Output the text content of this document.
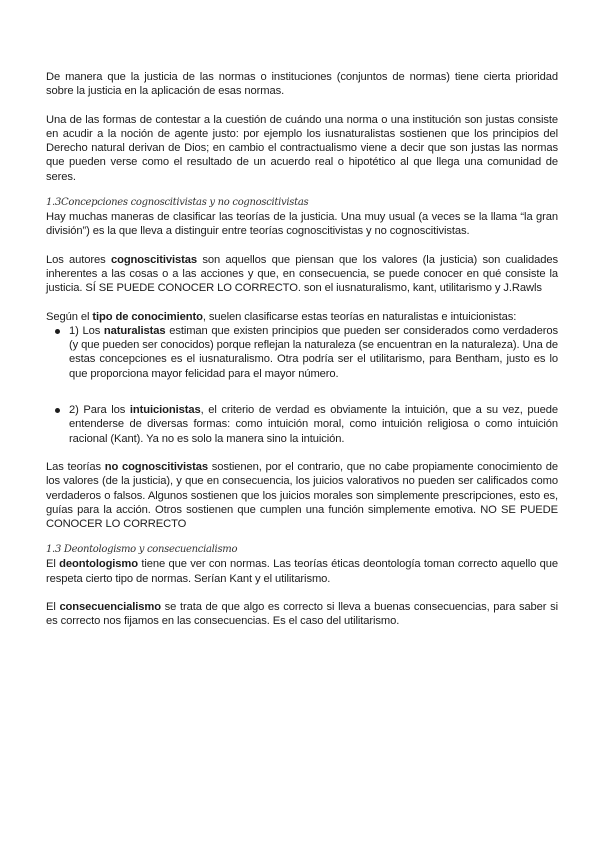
De manera que la justicia de las normas o instituciones (conjuntos de normas) tiene cierta prioridad sobre la justicia en la aplicación de esas normas.

Una de las formas de contestar a la cuestión de cuándo una norma o una institución son justas consiste en acudir a la noción de agente justo: por ejemplo los iusnaturalistas sostienen que los principios del Derecho natural derivan de Dios; en cambio el contractualismo viene a decir que son justas las normas que pueden verse como el resultado de un acuerdo real o hipotético al que llega una comunidad de seres.

1.3Concepciones cognoscitivistas y no cognoscitivistas

Hay muchas maneras de clasificar las teorías de la justicia. Una muy usual (a veces se la llama “la gran división”) es la que lleva a distinguir entre teorías cognoscitivistas y no cognoscitivistas.

Los autores cognoscitivistas son aquellos que piensan que los valores (la justicia) son cualidades inherentes a las cosas o a las acciones y que, en consecuencia, se puede conocer en qué consiste la justicia. SÍ SE PUEDE CONOCER LO CORRECTO. son el iusnaturalismo, kant, utilitarismo y J.Rawls

Según el tipo de conocimiento, suelen clasificarse estas teorías en naturalistas e intuicionistas:

1) Los naturalistas estiman que existen principios que pueden ser considerados como verdaderos (y que pueden ser conocidos) porque reflejan la naturaleza (se encuentran en la naturaleza). Una de estas concepciones es el iusnaturalismo. Otra podría ser el utilitarismo, para Bentham, justo es lo que proporciona mayor felicidad para el mayor número.
2) Para los intuicionistas, el criterio de verdad es obviamente la intuición, que a su vez, puede entenderse de diversas formas: como intuición moral, como intuición religiosa o como intuición racional (Kant). Ya no es solo la manera sino la intuición.

Las teorías no cognoscitivistas sostienen, por el contrario, que no cabe propiamente conocimiento de los valores (de la justicia), y que en consecuencia, los juicios valorativos no pueden ser calificados como verdaderos o falsos. Algunos sostienen que los juicios morales son simplemente prescripciones, esto es, guías para la acción. Otros sostienen que cumplen una función simplemente emotiva. NO SE PUEDE CONOCER LO CORRECTO

1.3 Deontologismo y consecuencialismo

El deontologismo tiene que ver con normas. Las teorías éticas deontología toman correcto aquello que respeta cierto tipo de normas. Serían Kant y el utilitarismo.

El consecuencialismo se trata de que algo es correcto si lleva a buenas consecuencias, para saber si es correcto nos fijamos en las consecuencias. Es el caso del utilitarismo.
